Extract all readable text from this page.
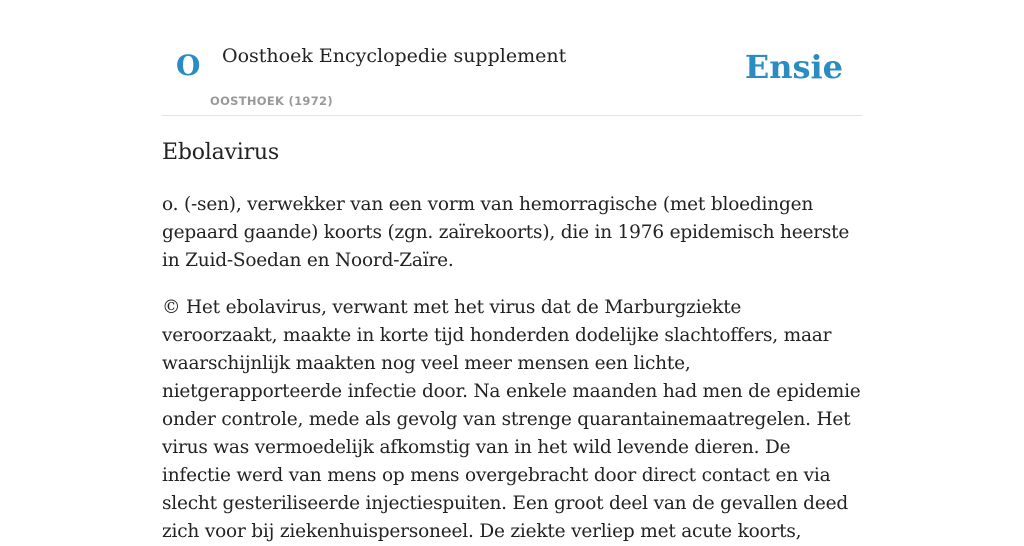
O Oosthoek Encyclopedie supplement
OOSTHOEK (1972)
Ensie
Ebolavirus

o. (-sen), verwekker van een vorm van hemorragische (met bloedingen gepaard gaande) koorts (zgn. zaïrekoorts), die in 1976 epidemisch heerste in Zuid-Soedan en Noord-Zaïre.

© Het ebolavirus, verwant met het virus dat de Marburgziekte veroorzaakt, maakte in korte tijd honderden dodelijke slachtoffers, maar waarschijnlijk maakten nog veel meer mensen een lichte, nietgerapporteerde infectie door. Na enkele maanden had men de epidemie onder controle, mede als gevolg van strenge quarantainemaatregelen. Het virus was vermoedelijk afkomstig van in het wild levende dieren. De infectie werd van mens op mens overgebracht door direct contact en via slecht gesteriliseerde injectiespuiten. Een groot deel van de gevallen deed zich voor bij ziekenhuispersoneel. De ziekte verliep met acute koorts,
